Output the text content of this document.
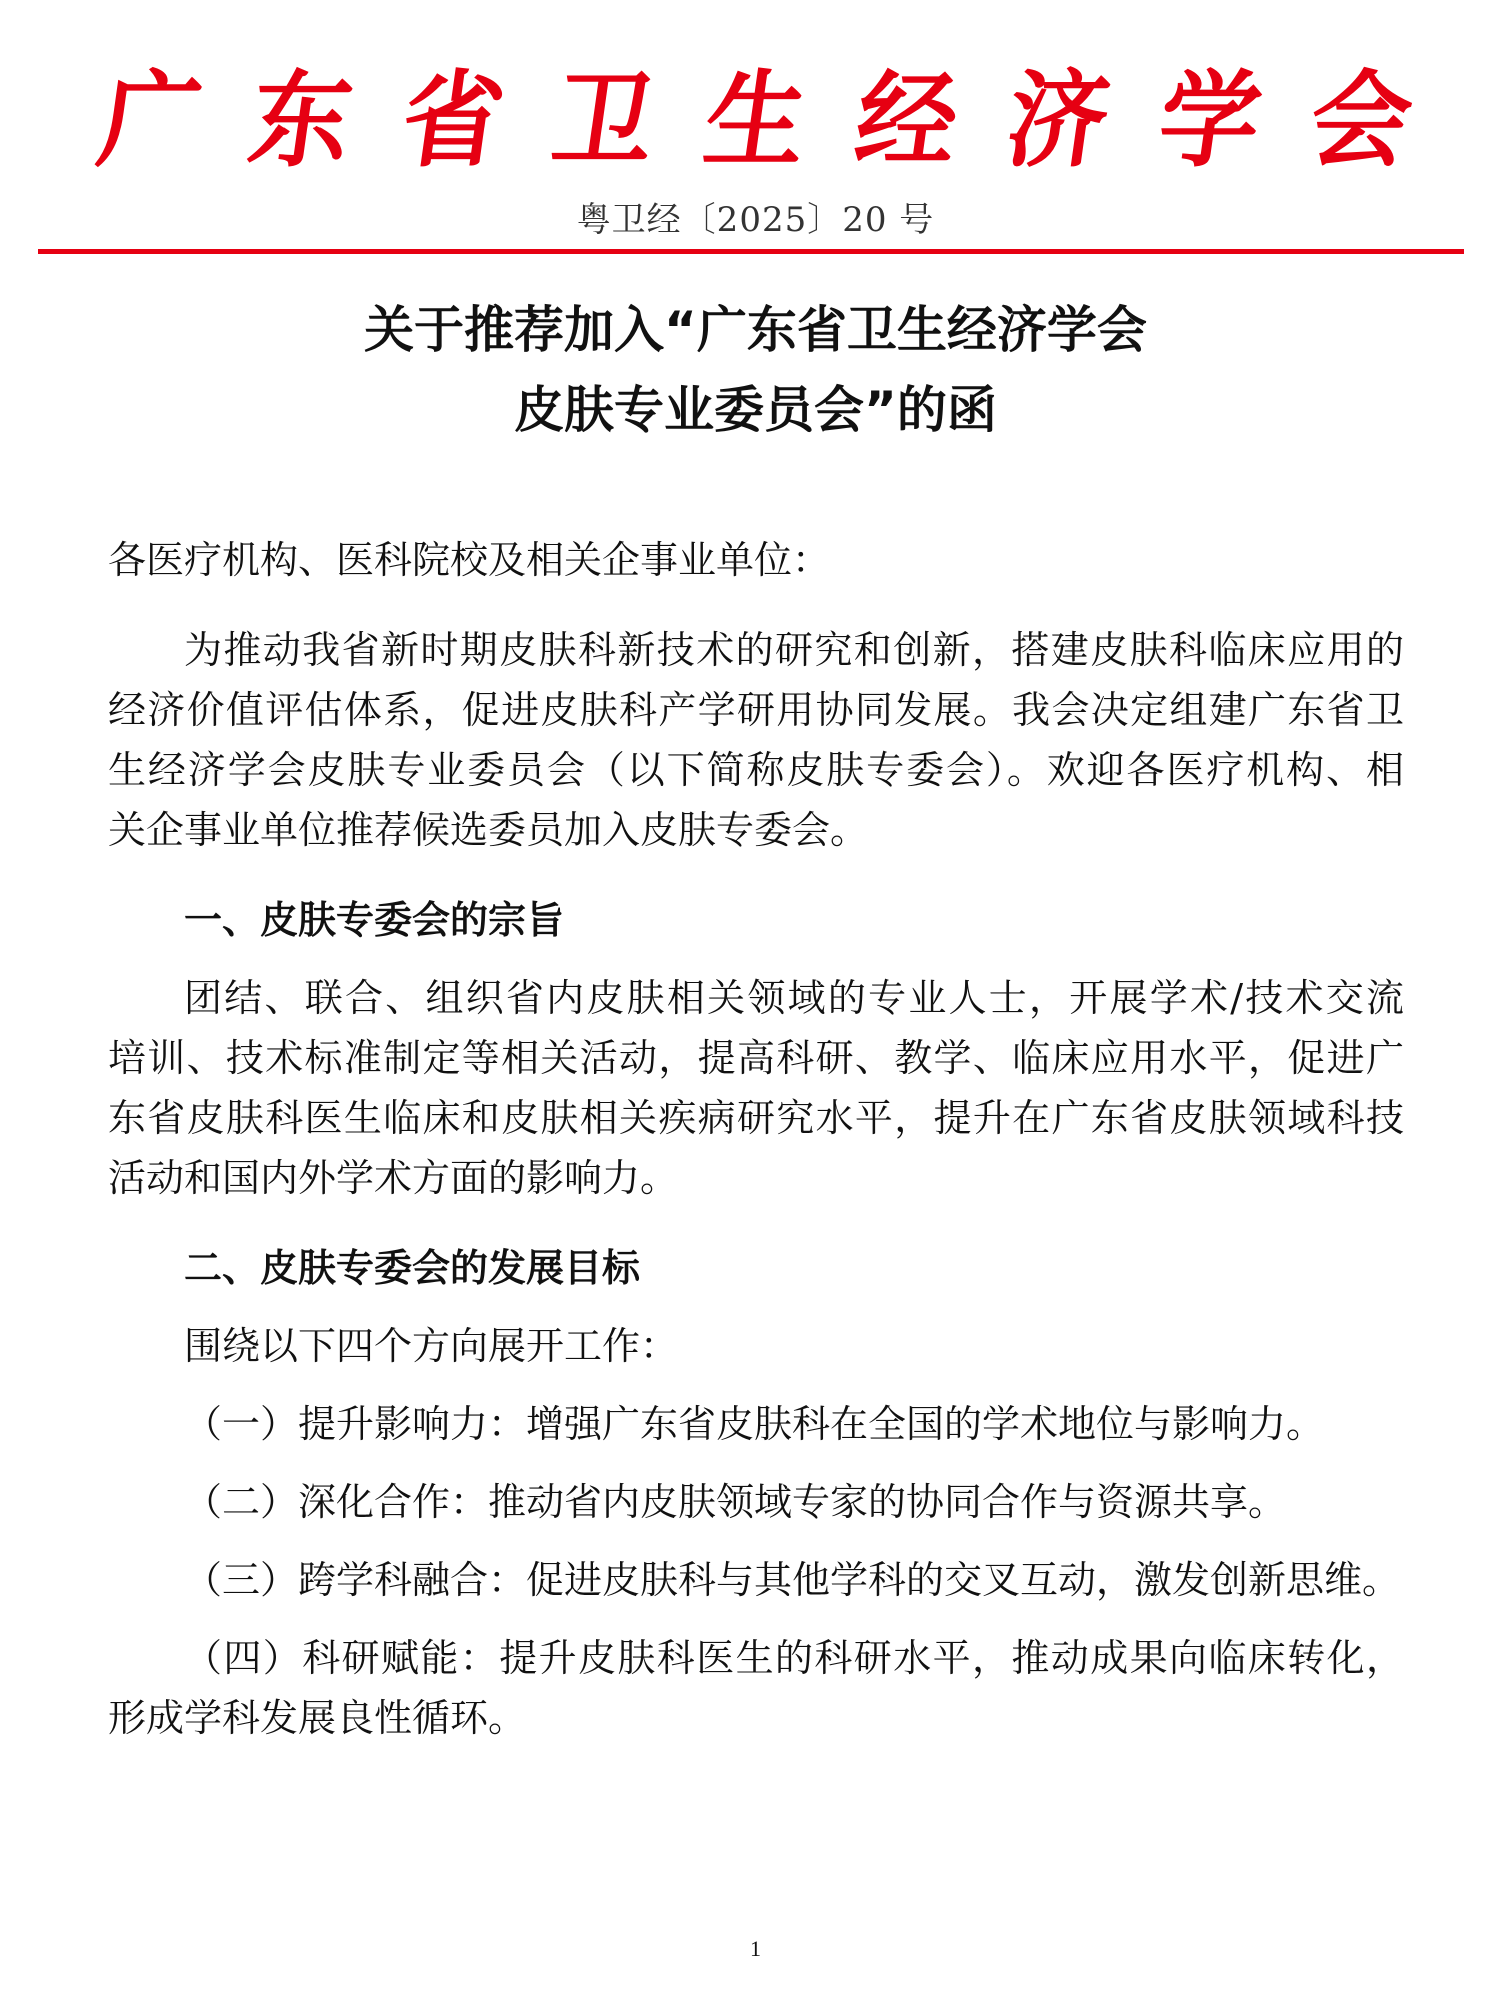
广 东 省 卫 生 经 济 学 会
粤卫经〔2025〕20 号
关于推荐加入“广东省卫生经济学会
皮肤专业委员会”的函
各医疗机构、医科院校及相关企事业单位：
为推动我省新时期皮肤科新技术的研究和创新，搭建皮肤科临床应用的
经济价值评估体系，促进皮肤科产学研用协同发展。我会决定组建广东省卫
生经济学会皮肤专业委员会（以下简称皮肤专委会）。欢迎各医疗机构、相
关企事业单位推荐候选委员加入皮肤专委会。
一、皮肤专委会的宗旨
团结、联合、组织省内皮肤相关领域的专业人士，开展学术/技术交流
培训、技术标准制定等相关活动，提高科研、教学、临床应用水平，促进广
东省皮肤科医生临床和皮肤相关疾病研究水平，提升在广东省皮肤领域科技
活动和国内外学术方面的影响力。
二、皮肤专委会的发展目标
围绕以下四个方向展开工作：
（一）提升影响力：增强广东省皮肤科在全国的学术地位与影响力。
（二）深化合作：推动省内皮肤领域专家的协同合作与资源共享。
（三）跨学科融合：促进皮肤科与其他学科的交叉互动，激发创新思维。
（四）科研赋能：提升皮肤科医生的科研水平，推动成果向临床转化，
形成学科发展良性循环。
1
